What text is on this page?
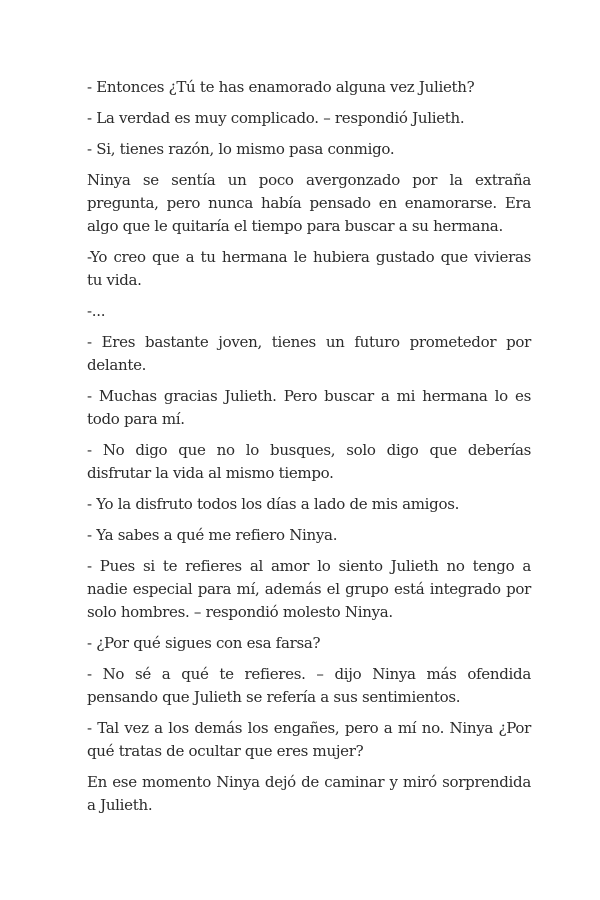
- Entonces ¿Tú te has enamorado alguna vez Julieth?

- La verdad es muy complicado. – respondió Julieth.

- Si, tienes razón, lo mismo pasa conmigo.

Ninya se sentía un poco avergonzado por la extraña pregunta, pero nunca había pensado en enamorarse. Era algo que le quitaría el tiempo para buscar a su hermana.

-Yo creo que a tu hermana le hubiera gustado que vivieras tu vida.

-...

- Eres bastante joven, tienes un futuro prometedor por delante.

- Muchas gracias Julieth. Pero buscar a mi hermana lo es todo para mí.

- No digo que no lo busques, solo digo que deberías disfrutar la vida al mismo tiempo.

- Yo la disfruto todos los días a lado de mis amigos.

- Ya sabes a qué me refiero Ninya.

- Pues si te refieres al amor lo siento Julieth no tengo a nadie especial para mí, además el grupo está integrado por solo hombres. – respondió molesto Ninya.

- ¿Por qué sigues con esa farsa?

- No sé a qué te refieres. – dijo Ninya más ofendida pensando que Julieth se refería a sus sentimientos.

- Tal vez a los demás los engañes, pero a mí no. Ninya ¿Por qué tratas de ocultar que eres mujer?

En ese momento Ninya dejó de caminar y miró sorprendida a Julieth.
